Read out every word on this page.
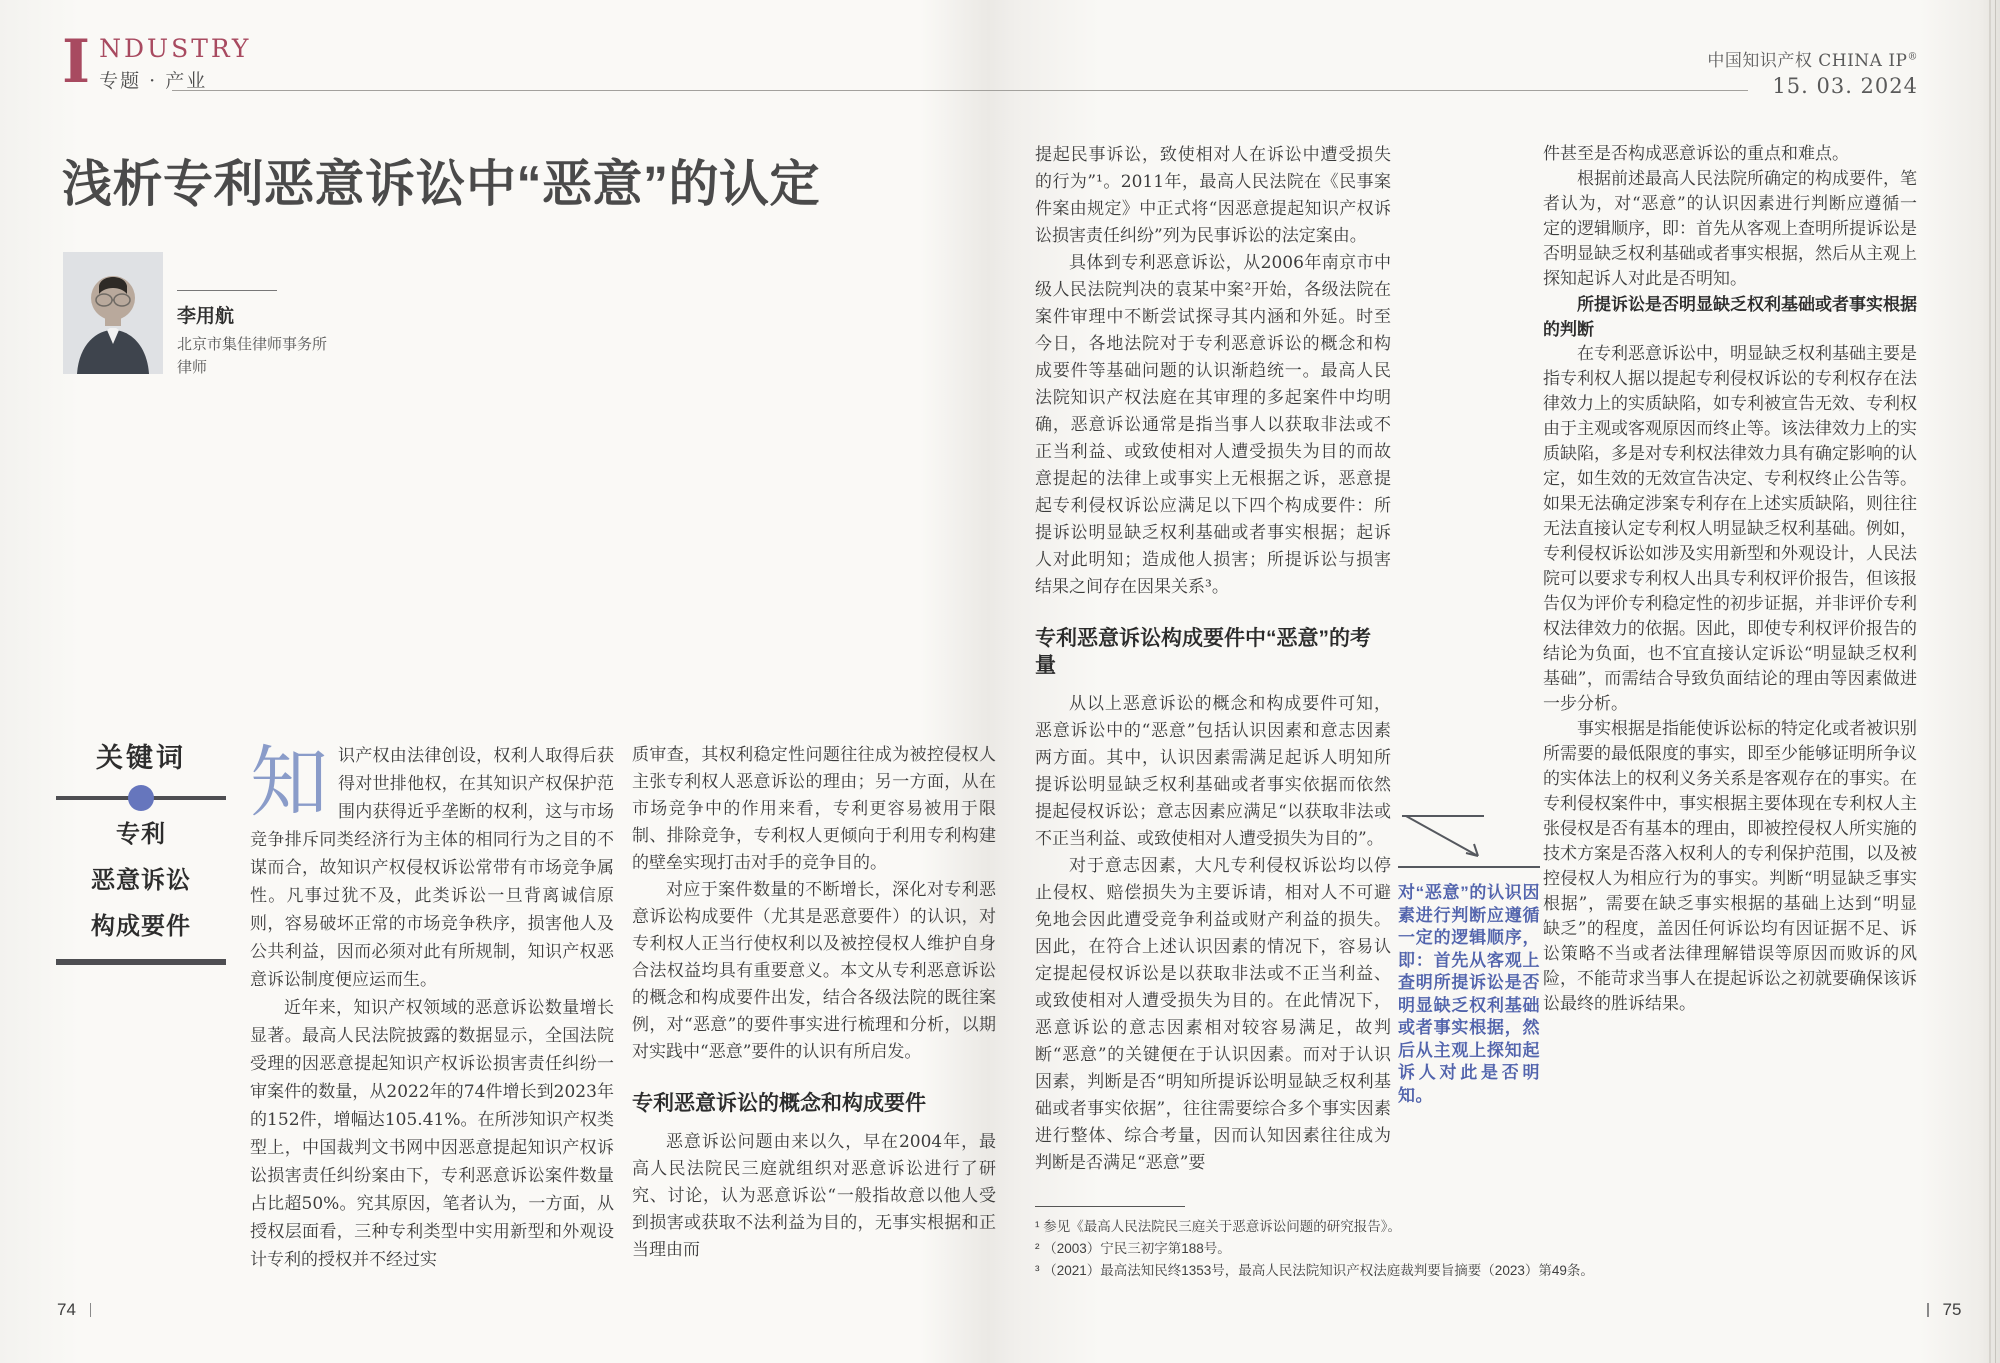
I NDUSTRY
专题 · 产业
中国知识产权 CHINA IP®
15. 03. 2024
浅析专利恶意诉讼中“恶意”的认定
李用航
北京市集佳律师事务所
律师
关键词
专利
恶意诉讼
构成要件

知识产权由法律创设，权利人取得后获得对世排他权，在其知识产权保护范围内获得近乎垄断的权利，这与市场竞争排斥同类经济行为主体的相同行为之目的不谋而合，故知识产权侵权诉讼常带有市场竞争属性。凡事过犹不及，此类诉讼一旦背离诚信原则，容易破坏正常的市场竞争秩序，损害他人及公共利益，因而必须对此有所规制，知识产权恶意诉讼制度便应运而生。

近年来，知识产权领域的恶意诉讼数量增长显著。最高人民法院披露的数据显示，全国法院受理的因恶意提起知识产权诉讼损害责任纠纷一审案件的数量，从2022年的74件增长到2023年的152件，增幅达105.41%。在所涉知识产权类型上，中国裁判文书网中因恶意提起知识产权诉讼损害责任纠纷案由下，专利恶意诉讼案件数量占比超50%。究其原因，笔者认为，一方面，从授权层面看，三种专利类型中实用新型和外观设计专利的授权并不经过实

质审查，其权利稳定性问题往往成为被控侵权人主张专利权人恶意诉讼的理由；另一方面，从在市场竞争中的作用来看，专利更容易被用于限制、排除竞争，专利权人更倾向于利用专利构建的壁垒实现打击对手的竞争目的。

对应于案件数量的不断增长，深化对专利恶意诉讼构成要件（尤其是恶意要件）的认识，对专利权人正当行使权利以及被控侵权人维护自身合法权益均具有重要意义。本文从专利恶意诉讼的概念和构成要件出发，结合各级法院的既往案例，对“恶意”的要件事实进行梳理和分析，以期对实践中“恶意”要件的认识有所启发。

专利恶意诉讼的概念和构成要件

恶意诉讼问题由来以久，早在2004年，最高人民法院民三庭就组织对恶意诉讼进行了研究、讨论，认为恶意诉讼“一般指故意以他人受到损害或获取不法利益为目的，无事实根据和正当理由而

提起民事诉讼，致使相对人在诉讼中遭受损失的行为”¹。2011年，最高人民法院在《民事案件案由规定》中正式将“因恶意提起知识产权诉讼损害责任纠纷”列为民事诉讼的法定案由。

具体到专利恶意诉讼，从2006年南京市中级人民法院判决的袁某中案²开始，各级法院在案件审理中不断尝试探寻其内涵和外延。时至今日，各地法院对于专利恶意诉讼的概念和构成要件等基础问题的认识渐趋统一。最高人民法院知识产权法庭在其审理的多起案件中均明确，恶意诉讼通常是指当事人以获取非法或不正当利益、或致使相对人遭受损失为目的而故意提起的法律上或事实上无根据之诉，恶意提起专利侵权诉讼应满足以下四个构成要件：所提诉讼明显缺乏权利基础或者事实根据；起诉人对此明知；造成他人损害；所提诉讼与损害结果之间存在因果关系³。

专利恶意诉讼构成要件中“恶意”的考量

从以上恶意诉讼的概念和构成要件可知，恶意诉讼中的“恶意”包括认识因素和意志因素两方面。其中，认识因素需满足起诉人明知所提诉讼明显缺乏权利基础或者事实依据而依然提起侵权诉讼；意志因素应满足“以获取非法或不正当利益、或致使相对人遭受损失为目的”。

对于意志因素，大凡专利侵权诉讼均以停止侵权、赔偿损失为主要诉请，相对人不可避免地会因此遭受竞争利益或财产利益的损失。因此，在符合上述认识因素的情况下，容易认定提起侵权诉讼是以获取非法或不正当利益、或致使相对人遭受损失为目的。在此情况下，恶意诉讼的意志因素相对较容易满足，故判断“恶意”的关键便在于认识因素。而对于认识因素，判断是否“明知所提诉讼明显缺乏权利基础或者事实依据”，往往需要综合多个事实因素进行整体、综合考量，因而认知因素往往成为判断是否满足“恶意”要

¹ 参见《最高人民法院民三庭关于恶意诉讼问题的研究报告》。
² （2003）宁民三初字第188号。
³ （2021）最高法知民终1353号，最高人民法院知识产权法庭裁判要旨摘要（2023）第49条。
对“恶意”的认识因素进行判断应遵循一定的逻辑顺序，即：首先从客观上查明所提诉讼是否明显缺乏权利基础或者事实根据，然后从主观上探知起诉人对此是否明知。

件甚至是否构成恶意诉讼的重点和难点。

根据前述最高人民法院所确定的构成要件，笔者认为，对“恶意”的认识因素进行判断应遵循一定的逻辑顺序，即：首先从客观上查明所提诉讼是否明显缺乏权利基础或者事实根据，然后从主观上探知起诉人对此是否明知。

所提诉讼是否明显缺乏权利基础或者事实根据的判断

在专利恶意诉讼中，明显缺乏权利基础主要是指专利权人据以提起专利侵权诉讼的专利权存在法律效力上的实质缺陷，如专利被宣告无效、专利权由于主观或客观原因而终止等。该法律效力上的实质缺陷，多是对专利权法律效力具有确定影响的认定，如生效的无效宣告决定、专利权终止公告等。如果无法确定涉案专利存在上述实质缺陷，则往往无法直接认定专利权人明显缺乏权利基础。例如，专利侵权诉讼如涉及实用新型和外观设计，人民法院可以要求专利权人出具专利权评价报告，但该报告仅为评价专利稳定性的初步证据，并非评价专利权法律效力的依据。因此，即使专利权评价报告的结论为负面，也不宜直接认定诉讼“明显缺乏权利基础”，而需结合导致负面结论的理由等因素做进一步分析。

事实根据是指能使诉讼标的特定化或者被识别所需要的最低限度的事实，即至少能够证明所争议的实体法上的权利义务关系是客观存在的事实。在专利侵权案件中，事实根据主要体现在专利权人主张侵权是否有基本的理由，即被控侵权人所实施的技术方案是否落入权利人的专利保护范围，以及被控侵权人为相应行为的事实。判断“明显缺乏事实根据”，需要在缺乏事实根据的基础上达到“明显缺乏”的程度，盖因任何诉讼均有因证据不足、诉讼策略不当或者法律理解错误等原因而败诉的风险，不能苛求当事人在提起诉讼之初就要确保该诉讼最终的胜诉结果。

74	75
